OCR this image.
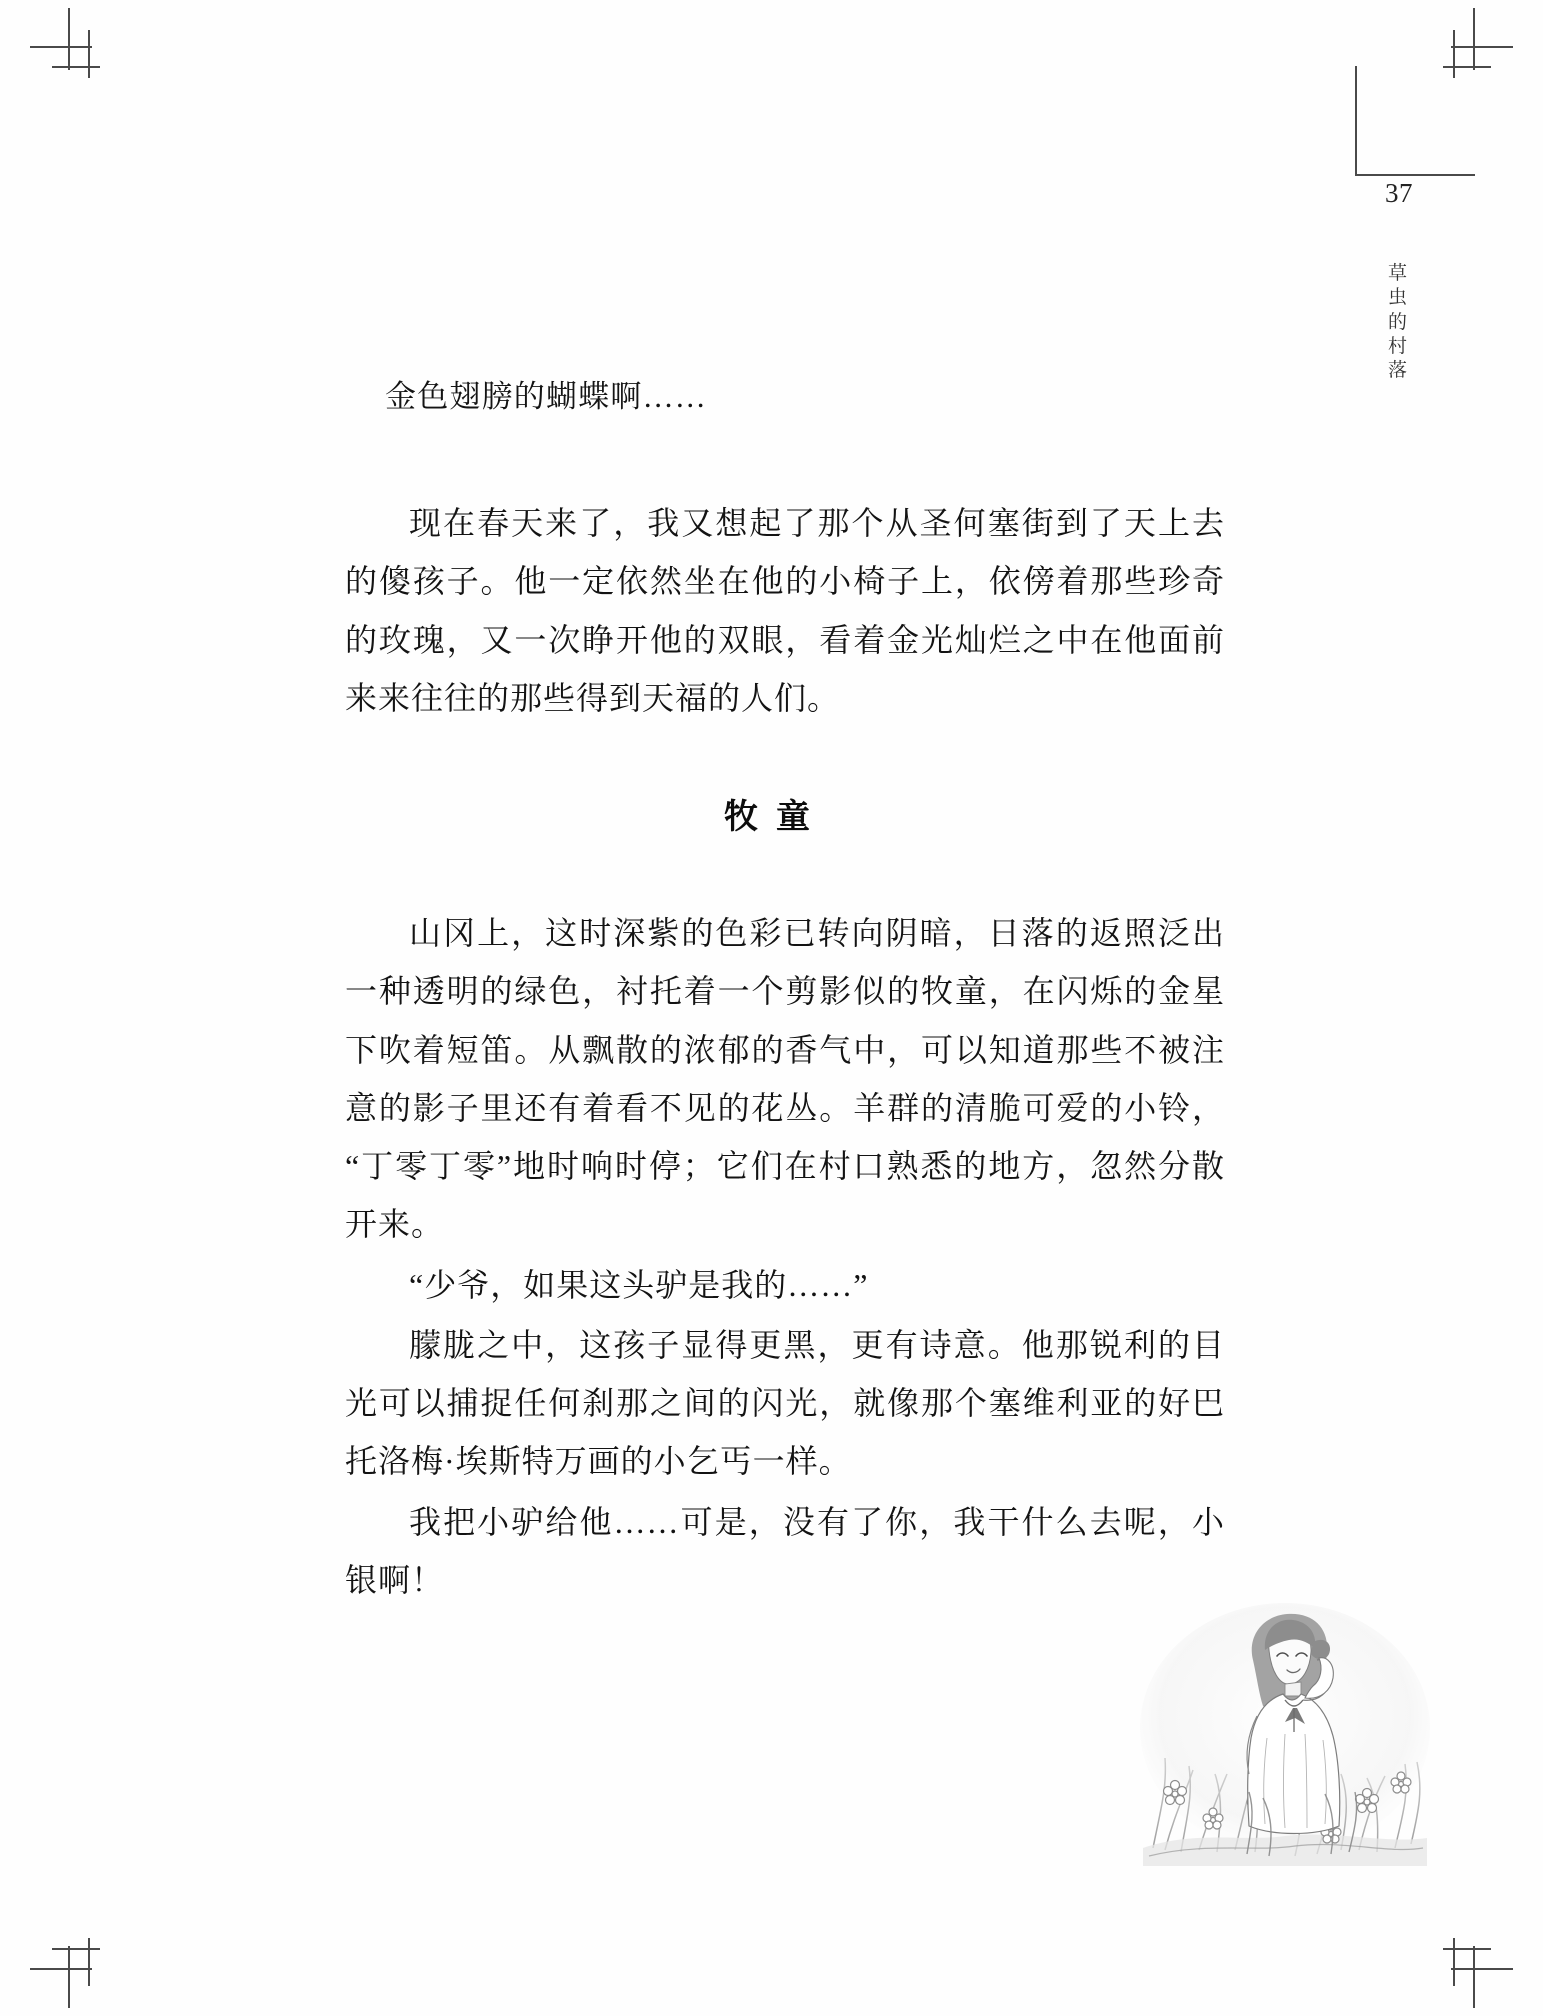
37
草
虫
的
村
落
金色翅膀的蝴蝶啊……

现在春天来了，我又想起了那个从圣何塞街到了天上去的傻孩子。他一定依然坐在他的小椅子上，依傍着那些珍奇的玫瑰，又一次睁开他的双眼，看着金光灿烂之中在他面前来来往往的那些得到天福的人们。

牧童

山冈上，这时深紫的色彩已转向阴暗，日落的返照泛出一种透明的绿色，衬托着一个剪影似的牧童，在闪烁的金星下吹着短笛。从飘散的浓郁的香气中，可以知道那些不被注意的影子里还有着看不见的花丛。羊群的清脆可爱的小铃，“丁零丁零”地时响时停；它们在村口熟悉的地方，忽然分散开来。

“少爷，如果这头驴是我的……”

朦胧之中，这孩子显得更黑，更有诗意。他那锐利的目光可以捕捉任何刹那之间的闪光，就像那个塞维利亚的好巴托洛梅·埃斯特万画的小乞丐一样。

我把小驴给他……可是，没有了你，我干什么去呢，小银啊！
